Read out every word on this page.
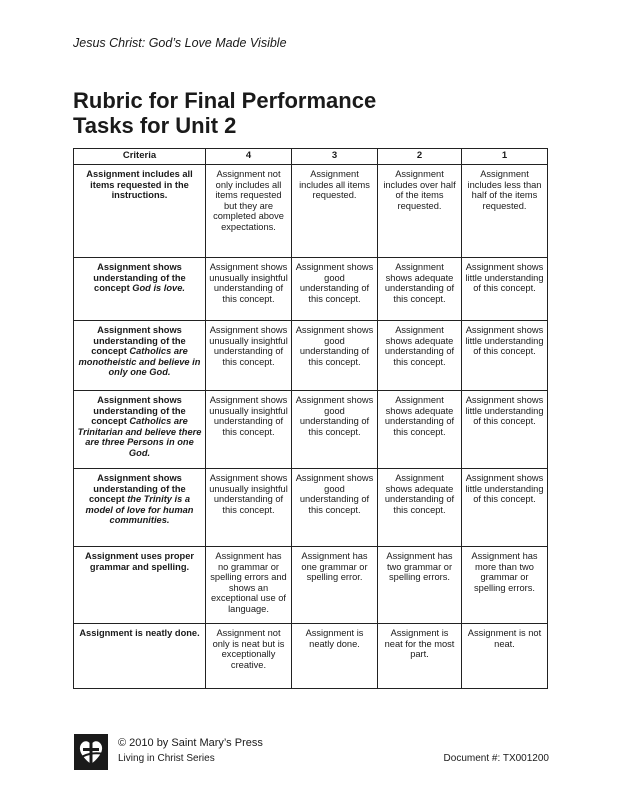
Jesus Christ: God’s Love Made Visible
Rubric for Final Performance
Tasks for Unit 2
Criteria	4	3	2	1
Assignment includes all items requested in the instructions.	Assignment not only includes all items requested but they are completed above expectations.	Assignment includes all items requested.	Assignment includes over half of the items requested.	Assignment includes less than half of the items requested.
Assignment shows understanding of the concept God is love.	Assignment shows unusually insightful understanding of this concept.	Assignment shows good understanding of this concept.	Assignment shows adequate understanding of this concept.	Assignment shows little understanding of this concept.
Assignment shows understanding of the concept Catholics are monotheistic and believe in only one God.	Assignment shows unusually insightful understanding of this concept.	Assignment shows good understanding of this concept.	Assignment shows adequate understanding of this concept.	Assignment shows little understanding of this concept.
Assignment shows understanding of the concept Catholics are Trinitarian and believe there are three Persons in one God.	Assignment shows unusually insightful understanding of this concept.	Assignment shows good understanding of this concept.	Assignment shows adequate understanding of this concept.	Assignment shows little understanding of this concept.
Assignment shows understanding of the concept the Trinity is a model of love for human communities.	Assignment shows unusually insightful understanding of this concept.	Assignment shows good understanding of this concept.	Assignment shows adequate understanding of this concept.	Assignment shows little understanding of this concept.
Assignment uses proper grammar and spelling.	Assignment has no grammar or spelling errors and shows an exceptional use of language.	Assignment has one grammar or spelling error.	Assignment has two grammar or spelling errors.	Assignment has more than two grammar or spelling errors.
Assignment is neatly done.	Assignment not only is neat but is exceptionally creative.	Assignment is neatly done.	Assignment is neat for the most part.	Assignment is not neat.
© 2010 by Saint Mary’s Press
Living in Christ Series	Document #: TX001200
